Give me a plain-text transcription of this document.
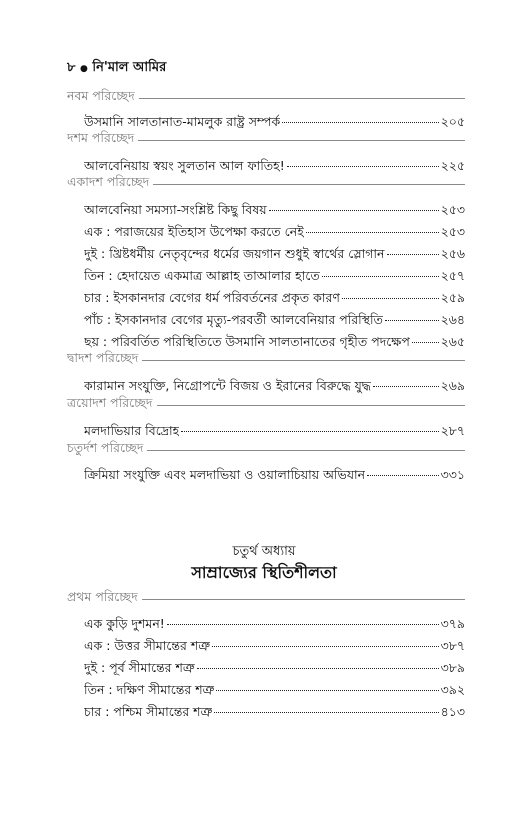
৮ ● নি'মাল আমির
নবম পরিচ্ছেদ
উসমানি সালতানাত-মামলুক রাষ্ট্র সম্পর্ক	২০৫
দশম পরিচ্ছেদ
আলবেনিয়ায় স্বয়ং সুলতান আল ফাতিহ!	২২৫
একাদশ পরিচ্ছেদ
আলবেনিয়া সমস্যা-সংশ্লিষ্ট কিছু বিষয়	২৫৩
এক : পরাজয়ের ইতিহাস উপেক্ষা করতে নেই	২৫৩
দুই : খ্রিষ্টধর্মীয় নেতৃবৃন্দের ধর্মের জয়গান শুধুই স্বার্থের স্লোগান	২৫৬
তিন : হেদায়েত একমাত্র আল্লাহ তাআলার হাতে	২৫৭
চার : ইসকানদার বেগের ধর্ম পরিবর্তনের প্রকৃত কারণ	২৫৯
পাঁচ : ইসকানদার বেগের মৃত্যু-পরবর্তী আলবেনিয়ার পরিস্থিতি	২৬৪
ছয় : পরিবর্তিত পরিস্থিতিতে উসমানি সালতানাতের গৃহীত পদক্ষেপ ২৬৫
দ্বাদশ পরিচ্ছেদ
কারামান সংযুক্তি, নিগ্রোপন্টে বিজয় ও ইরানের বিরুদ্ধে যুদ্ধ	২৬৯
ত্রয়োদশ পরিচ্ছেদ
মলদাভিয়ার বিদ্রোহ	২৮৭
চতুর্দশ পরিচ্ছেদ
ক্রিমিয়া সংযুক্তি এবং মলদাভিয়া ও ওয়ালাচিয়ায় অভিযান	৩৩১
চতুর্থ অধ্যায়
সাম্রাজ্যের স্থিতিশীলতা
প্রথম পরিচ্ছেদ
এক কুড়ি দুশমন!	৩৭৯
এক : উত্তর সীমান্তের শত্রু	৩৮৭
দুই : পূর্ব সীমান্তের শত্রু	৩৮৯
তিন : দক্ষিণ সীমান্তের শত্রু	৩৯২
চার : পশ্চিম সীমান্তের শত্রু	৪১৩
